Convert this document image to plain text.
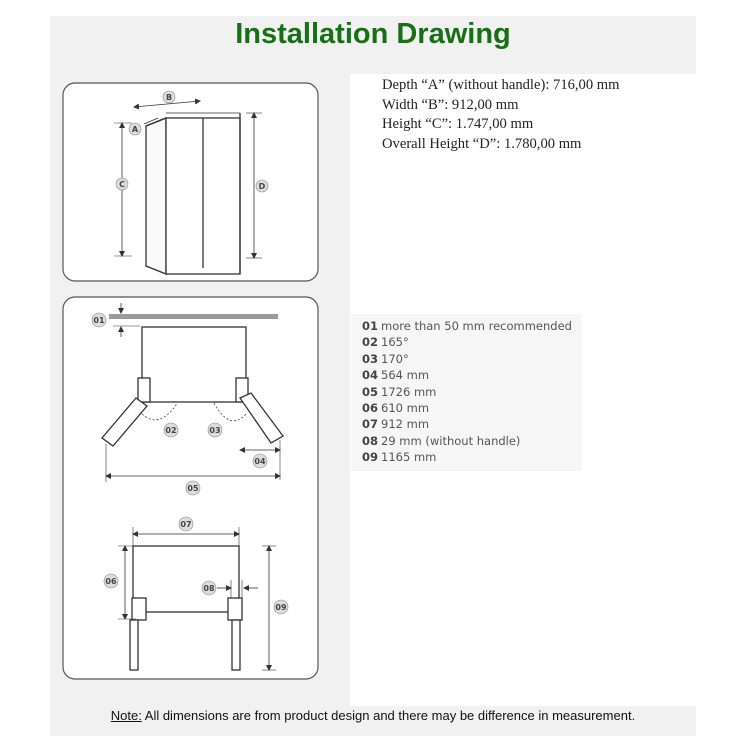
Installation Drawing
Depth “A” (without handle): 716,00 mm
Width “B”: 912,00 mm
Height “C”: 1.747,00 mm
Overall Height “D”: 1.780,00 mm
01 more than 50 mm recommended
02 165°
03 170°
04 564 mm
05 1726 mm
06 610 mm
07 912 mm
08 29 mm (without handle)
09 1165 mm
Note: All dimensions are from product design and there may be difference in measurement.
B
A
C	D
01
02	03
04
05
07
06
08
09
